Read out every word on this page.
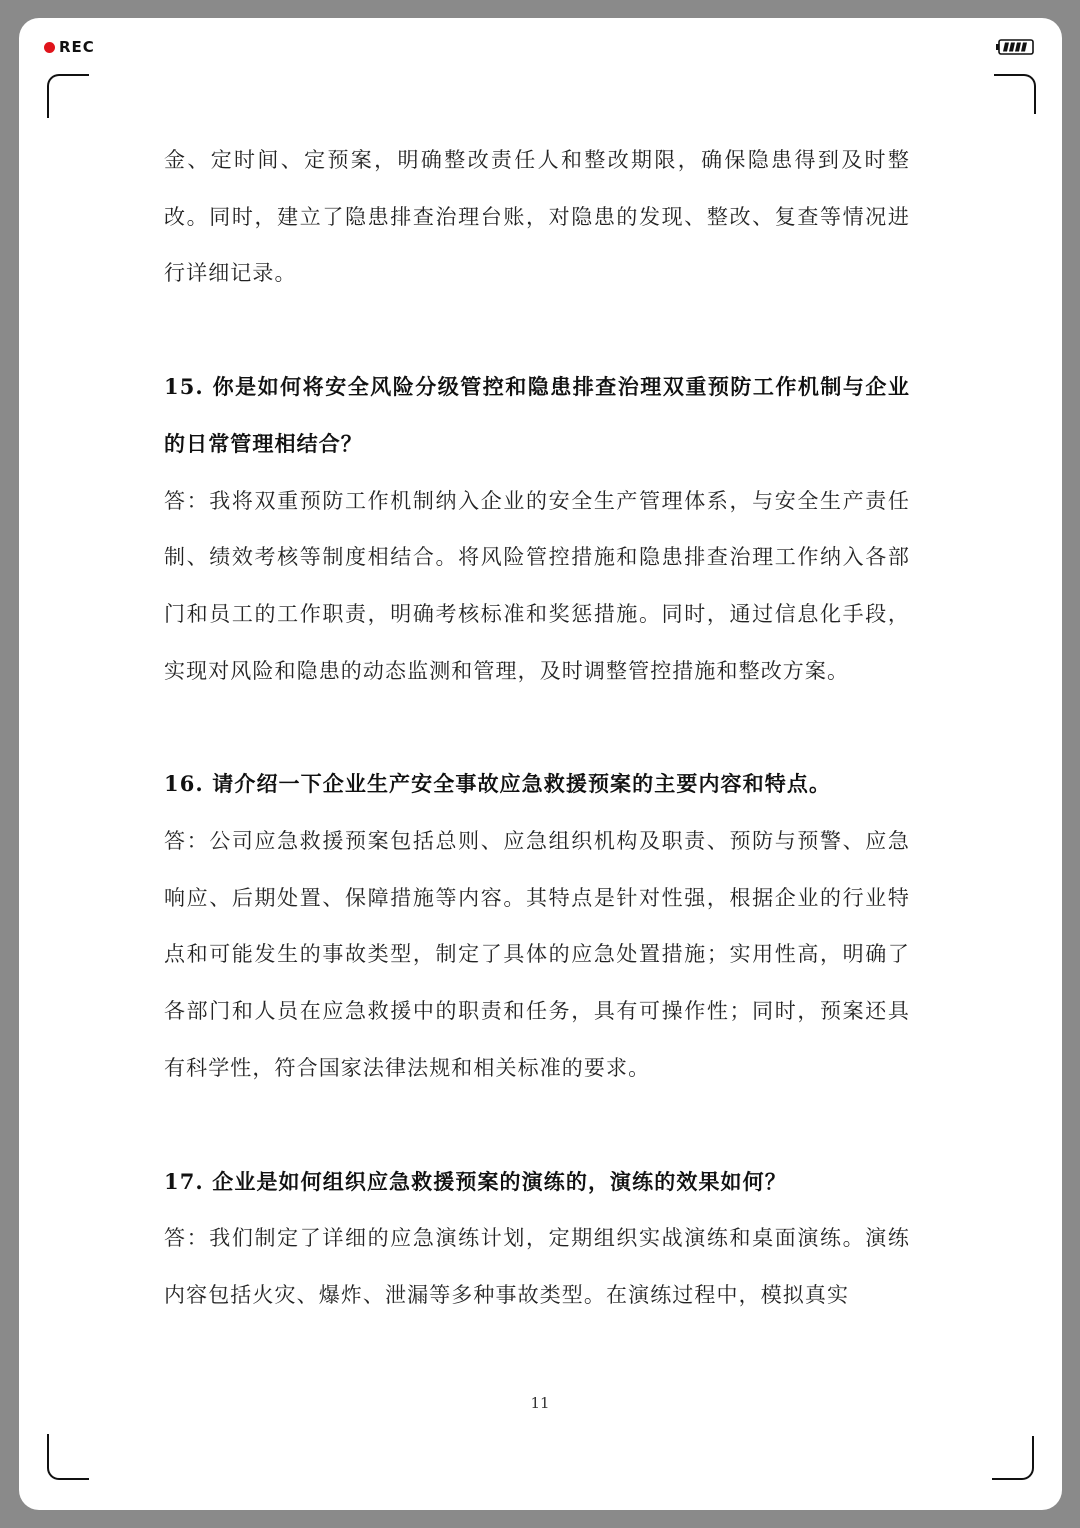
REC

金、定时间、定预案，明确整改责任人和整改期限，确保隐患得到及时整改。同时，建立了隐患排查治理台账，对隐患的发现、整改、复查等情况进行详细记录。

15. 你是如何将安全风险分级管控和隐患排查治理双重预防工作机制与企业的日常管理相结合？

答：我将双重预防工作机制纳入企业的安全生产管理体系，与安全生产责任制、绩效考核等制度相结合。将风险管控措施和隐患排查治理工作纳入各部门和员工的工作职责，明确考核标准和奖惩措施。同时，通过信息化手段，实现对风险和隐患的动态监测和管理，及时调整管控措施和整改方案。

16. 请介绍一下企业生产安全事故应急救援预案的主要内容和特点。

答：公司应急救援预案包括总则、应急组织机构及职责、预防与预警、应急响应、后期处置、保障措施等内容。其特点是针对性强，根据企业的行业特点和可能发生的事故类型，制定了具体的应急处置措施；实用性高，明确了各部门和人员在应急救援中的职责和任务，具有可操作性；同时，预案还具有科学性，符合国家法律法规和相关标准的要求。

17. 企业是如何组织应急救援预案的演练的，演练的效果如何？

答：我们制定了详细的应急演练计划，定期组织实战演练和桌面演练。演练内容包括火灾、爆炸、泄漏等多种事故类型。在演练过程中，模拟真实

11
